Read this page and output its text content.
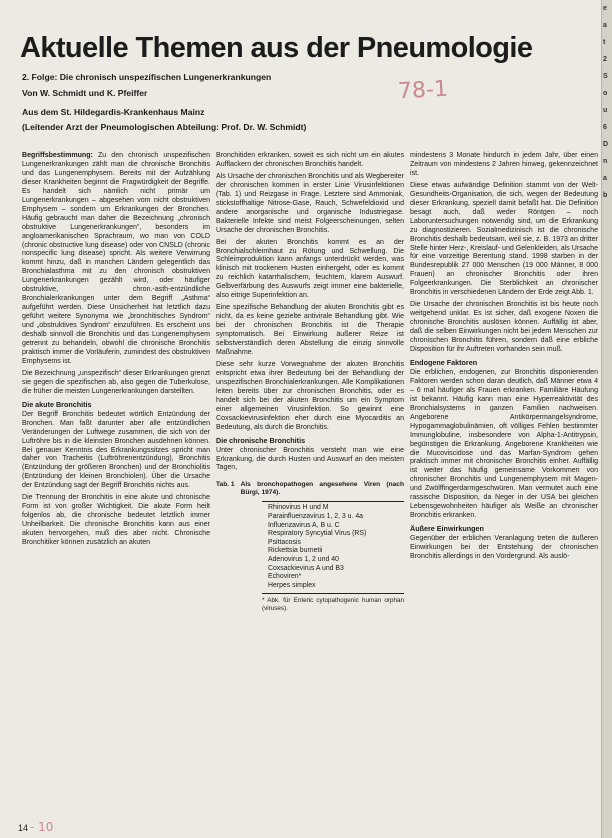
e
a
t
2
S
o
u
6
D
n
a
b
Aktuelle Themen aus der Pneumologie
2. Folge: Die chronisch unspezifischen Lungenerkrankungen
Von W. Schmidt und K. Pfeiffer
Aus dem St. Hildegardis-Krankenhaus Mainz
(Leitender Arzt der Pneumologischen Abteilung: Prof. Dr. W. Schmidt)
78-1

Begriffsbestimmung: Zu den chronisch unspezifischen Lungenerkrankungen zählt man die chronische Bronchitis und das Lungenemphysem. Bereits mit der Aufzählung dieser Krankheiten beginnt die Fragwürdigkeit der Begriffe. Es handelt sich nämlich nicht primär um Lungenerkrankungen – abgesehen vom nicht obstruktiven Emphysem – sondern um Erkrankungen der Bronchen. Häufig gebraucht man daher die Bezeichnung „chronisch obstruktive Lungenerkrankungen“, besonders im angloamerikanischen Sprachraum, wo man von COLD (chronic obstructive lung disease) oder von CNSLD (chronic nonspecific lung disease) spricht. Als weitere Verwirrung kommt hinzu, daß in manchen Ländern gelegentlich das Bronchialasthma mit zu den chronisch obstruktiven Lungenerkrankungen gezählt wird, oder häufiger obstruktive, chron.-asth-entzündliche Bronchialerkrankungen unter dem Begriff „Asthma“ aufgeführt werden. Diese Unsicherheit hat letztlich dazu geführt weitere Synonyma wie „bronchitisches Syndrom“ und „obstruktives Syndrom“ einzuführen. Es erscheint uns deshalb sinnvoll die Bronchitis und das Lungenemphysem getrennt zu behandeln, obwohl die chronische Bronchitis praktisch immer die Vorläuferin, zumindest des obstruktiven Emphysems ist.

Die Bezeichnung „unspezifisch“ dieser Erkrankungen grenzt sie gegen die spezifischen ab, also gegen die Tuberkulose, die früher die meisten Lungenerkrankungen darstellten.

Die akute Bronchitis

Der Begriff Bronchitis bedeutet wörtlich Entzündung der Bronchen. Man faßt darunter aber alle entzündlichen Veränderungen der Luftwege zusammen, die sich von der Luftröhre bis in die kleinsten Bronchen ausdehnen können. Bei genauer Kenntnis des Erkrankungssitzes spricht man daher von Tracheitis (Luftröhrenentzündung), Bronchitis (Entzündung der größeren Bronchen) und der Bronchiolitis (Entzündung der kleinen Bronchiolen). Über die Ursache der Entzündung sagt der Begriff Bronchitis nichts aus.

Die Trennung der Bronchitis in eine akute und chronische Form ist von großer Wichtigkeit. Die akute Form heilt folgenlos ab, die chronische bedeutet letztlich immer Unheilbarkeit. Die chronische Bronchitis kann aus einer akuten hervorgehen, muß dies aber nicht. Chronische Bronchitiker können zusätzlich an akuten

Bronchitiden erkranken, soweit es sich nicht um ein akutes Aufflackern der chronischen Bronchitis handelt.

Als Ursache der chronischen Bronchitis und als Wegbereiter der chronischen kommen in erster Linie Virusinfektionen (Tab. 1) und Reizgase in Frage. Letztere sind Ammoniak, stickstoffhaltige Nitrose-Gase, Rauch, Schwefeldioxid und andere anorganische und organische Industriegase. Bakterielle Infekte sind meist Folgeerscheinungen, selten Ursache der chronischen Bronchitis.

Bei der akuten Bronchitis kommt es an der Bronchialschleimhaut zu Rötung und Schwellung. Die Schleimproduktion kann anfangs unterdrückt werden, was klinisch mit trockenem Husten einhergeht, oder es kommt zu reichlich katarrhalischem, feuchtem, klarem Auswurf. Gelbverfärbung des Auswurfs zeigt immer eine bakterielle, also eitrige Superinfektion an.

Eine spezifische Behandlung der akuten Bronchitis gibt es nicht, da es keine gezielte antivirale Behandlung gibt. Wie bei der chronischen Bronchitis ist die Therapie symptomatisch. Bei Einwirkung äußerer Reize ist selbstverständlich deren Abstellung die einzig sinnvolle Maßnahme.

Diese sehr kurze Vorwegnahme der akuten Bronchitis entspricht etwa ihrer Bedeutung bei der Behandlung der unspezifischen Bronchialerkrankungen. Alle Komplikationen leiten bereits über zur chronischen Bronchitis, oder es handelt sich bei der akuten Bronchitis um ein Symptom einer allgemeinen Virusinfektion. So gewinnt eine Coxsackievirusinfektion eher durch eine Myocarditis an Bedeutung, als durch die Bronchitis.

Die chronische Bronchitis

Unter chronischer Bronchitis versteht man wie eine Erkrankung, die durch Husten und Auswurf an den meisten Tagen,

Tab. 1 Als bronchopathogen angesehene Viren (nach Bürgi, 1974).
Rhinovirus H und M
Parainfluenzavirus 1, 2, 3 u. 4a
Influenzavirus A, B u. C
Respiratory Syncytial Virus (RS)
Psittacosis
Rickettsia burnetii
Adenovirus 1, 2 und 40
Coxsackievirus A und B3
Echoviren*
Herpes simplex
* Abk. für Enteric cytopathogenic human orphan (viruses).

mindestens 3 Monate hindurch in jedem Jahr, über einen Zeitraum von mindestens 2 Jahren hinweg, gekennzeichnet ist.

Diese etwas aufwändige Definition stammt von der Welt-Gesundheits-Organisation, die sich, wegen der Bedeutung dieser Erkrankung, speziell damit befaßt hat. Die Definition besagt auch, daß weder Röntgen – noch Laboruntersuchungen notwendig sind, um die Erkrankung zu diagnostizieren. Sozialmedizinisch ist die chronische Bronchitis deshalb bedeutsam, weil sie, z. B. 1973 an dritter Stelle hinter Herz-, Kreislauf- und Gelenkleiden, als Ursache für eine vorzeitige Berentung stand. 1998 starben in der Bundesrepublik 27 000 Menschen (19 000 Männer, 8 000 Frauen) an chronischer Bronchitis oder ihren Folgeerkrankungen. Die Sterblichkeit an chronischer Bronchitis in verschiedenen Ländern der Erde zeigt Abb. 1.

Die Ursache der chronischen Bronchitis ist bis heute noch weitgehend unklar. Es ist sicher, daß exogene Noxen die chronische Bronchitis auslösen können. Auffällig ist aber, daß die selben Einwirkungen nicht bei jedem Menschen zur chronischen Bronchitis führen, sondern daß eine erbliche Disposition für ihr Auftreten vorhanden sein muß.

Endogene Faktoren

Die erblichen, endogenen, zur Bronchitis disponierenden Faktoren werden schon daran deutlich, daß Männer etwa 4 – 6 mal häufiger als Frauen erkranken. Familiäre Häufung ist bekannt. Häufig kann man eine Hyperreaktivität des Bronchialsystems in ganzen Familien nachweisen. Angeborene Antikörpermangelsyndrome, Hypogammaglobulinämien, oft völliges Fehlen bestimmter Immunglobuline, insbesondere von Alpha-1-Antitrypsin, begünstigen die Erkrankung. Angeborene Krankheiten wie die Mucoviscidose und das Marfan-Syndrom gehen praktisch immer mit chronischer Bronchitis einher. Auffällig ist weiter das häufig gemeinsame Vorkommen von chronischer Bronchitis und Lungenemphysem mit Magen- und Zwölffingerdarmgeschwüren. Man vermutet auch eine rassische Disposition, da Neger in der USA bei gleichen Lebensgewohnheiten häufiger als Weiße an chronischer Bronchitis erkranken.

Äußere Einwirkungen

Gegenüber der erblichen Veranlagung treten die äußeren Einwirkungen bei der Entstehung der chronischen Bronchitis allerdings in den Vordergrund. Als auslö-

14 - 10
